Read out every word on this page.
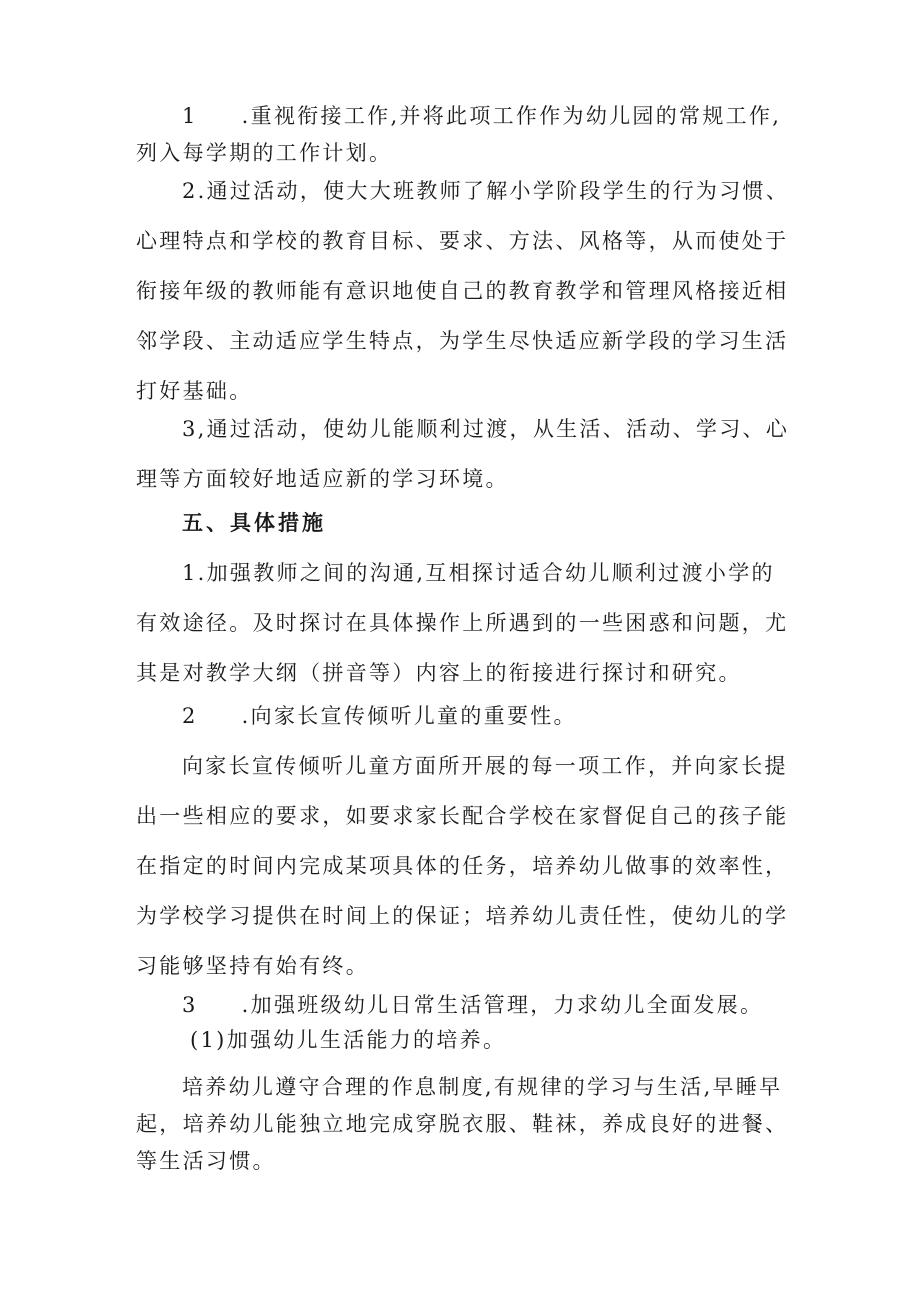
1 .重视衔接工作,并将此项工作作为幼儿园的常规工作,
列入每学期的工作计划。

2.通过活动，使大大班教师了解小学阶段学生的行为习惯、
心理特点和学校的教育目标、要求、方法、风格等，从而使处于
衔接年级的教师能有意识地使自己的教育教学和管理风格接近相
邻学段、主动适应学生特点，为学生尽快适应新学段的学习生活
打好基础。

3,通过活动，使幼儿能顺利过渡，从生活、活动、学习、心
理等方面较好地适应新的学习环境。

五、具体措施

1.加强教师之间的沟通,互相探讨适合幼儿顺利过渡小学的
有效途径。及时探讨在具体操作上所遇到的一些困惑和问题，尤
其是对教学大纲（拼音等）内容上的衔接进行探讨和研究。

2 .向家长宣传倾听儿童的重要性。

向家长宣传倾听儿童方面所开展的每一项工作，并向家长提
出一些相应的要求，如要求家长配合学校在家督促自己的孩子能
在指定的时间内完成某项具体的任务，培养幼儿做事的效率性，
为学校学习提供在时间上的保证；培养幼儿责任性，使幼儿的学
习能够坚持有始有终。

3 .加强班级幼儿日常生活管理，力求幼儿全面发展。

(1)加强幼儿生活能力的培养。

培养幼儿遵守合理的作息制度,有规律的学习与生活,早睡早
起，培养幼儿能独立地完成穿脱衣服、鞋袜，养成良好的进餐、
等生活习惯。
